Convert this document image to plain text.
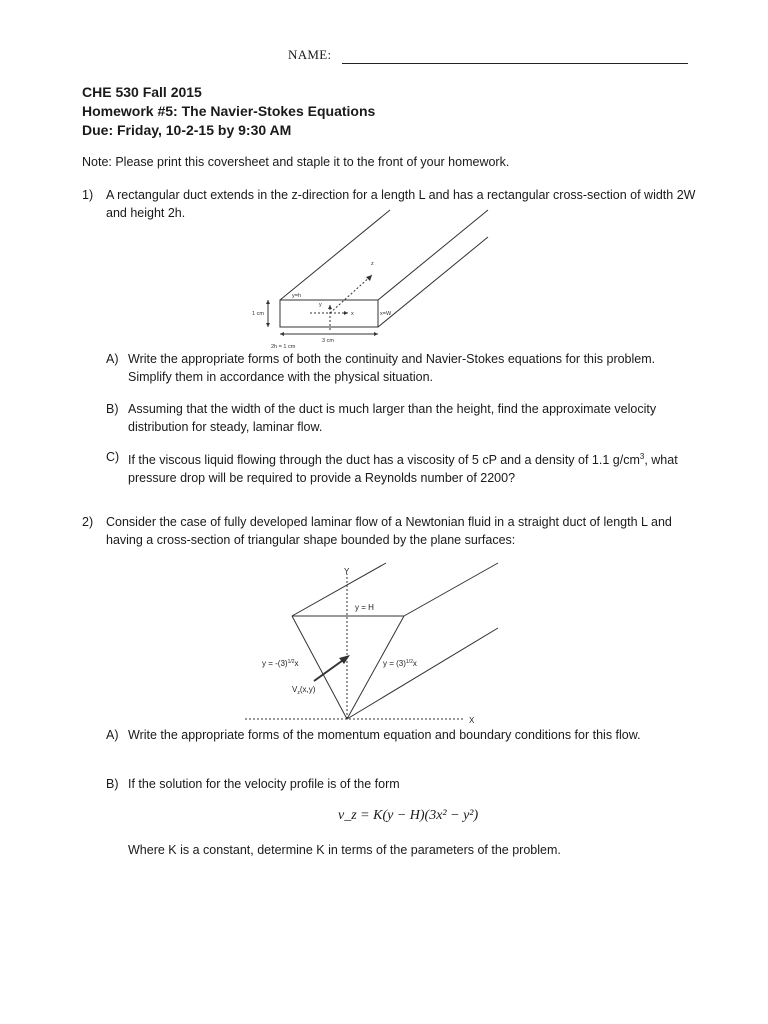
NAME:
CHE 530 Fall 2015
Homework #5: The Navier-Stokes Equations
Due: Friday, 10-2-15 by 9:30 AM
Note: Please print this coversheet and staple it to the front of your homework.
1) A rectangular duct extends in the z-direction for a length L and has a rectangular cross-section of width 2W and height 2h.
z
y=h
y
x	x=W
1 cm
3 cm
2h = 1 cm
A) Write the appropriate forms of both the continuity and Navier-Stokes equations for this problem. Simplify them in accordance with the physical situation.
B) Assuming that the width of the duct is much larger than the height, find the approximate velocity distribution for steady, laminar flow.
C) If the viscous liquid flowing through the duct has a viscosity of 5 cP and a density of 1.1 $g/cm^3$, what pressure drop will be required to provide a Reynolds number of 2200?
2) Consider the case of fully developed laminar flow of a Newtonian fluid in a straight duct of length L and having a cross-section of triangular shape bounded by the plane surfaces:
Y
X
y = H
$y = -(3)^{1/2}x$	$y = (3)^{1/2}x$
$V_z(x,y)$
A) Write the appropriate forms of the momentum equation and boundary conditions for this flow.
B) If the solution for the velocity profile is of the form
v_z = K(y − H)(3x² − y²)
Where K is a constant, determine K in terms of the parameters of the problem.
